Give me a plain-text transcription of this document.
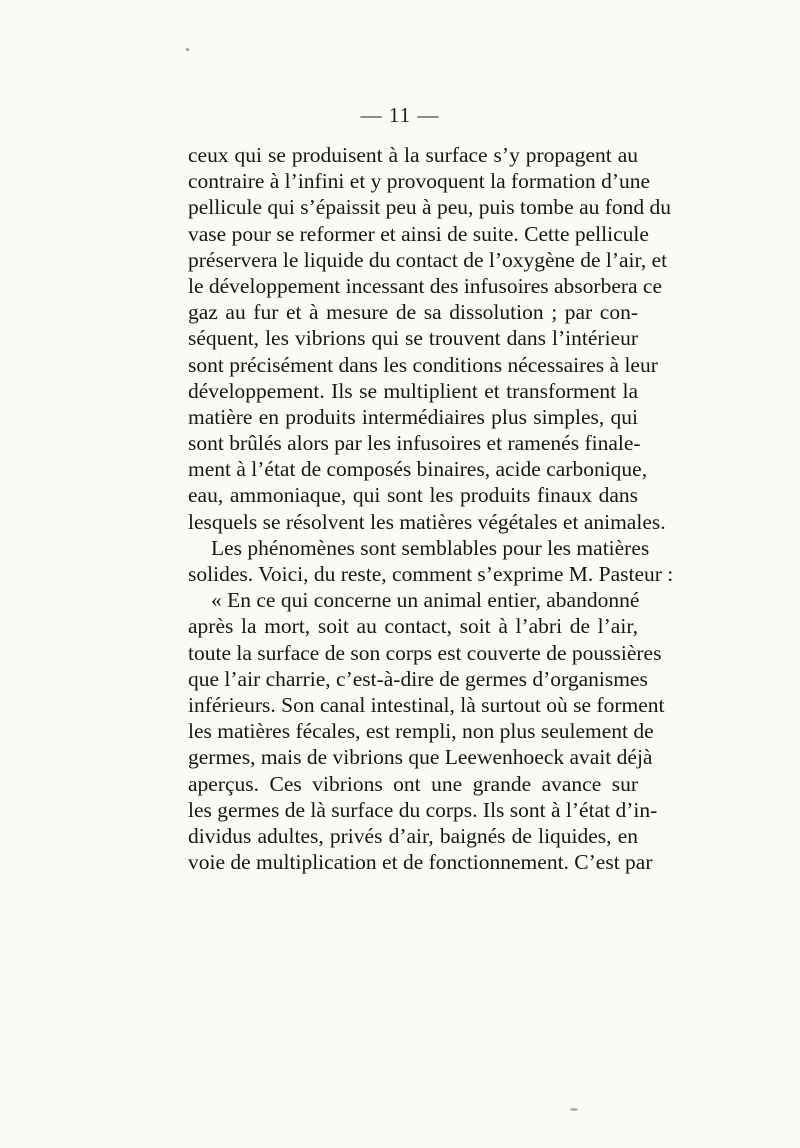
— 11 —
ceux qui se produisent à la surface s’y propagent au
contraire à l’infini et y provoquent la formation d’une
pellicule qui s’épaissit peu à peu, puis tombe au fond du
vase pour se reformer et ainsi de suite. Cette pellicule
préservera le liquide du contact de l’oxygène de l’air, et
le développement incessant des infusoires absorbera ce
gaz au fur et à mesure de sa dissolution ; par con-
séquent, les vibrions qui se trouvent dans l’intérieur
sont précisément dans les conditions nécessaires à leur
développement. Ils se multiplient et transforment la
matière en produits intermédiaires plus simples, qui
sont brûlés alors par les infusoires et ramenés finale-
ment à l’état de composés binaires, acide carbonique,
eau, ammoniaque, qui sont les produits finaux dans
lesquels se résolvent les matières végétales et animales.
Les phénomènes sont semblables pour les matières
solides. Voici, du reste, comment s’exprime M. Pasteur :
« En ce qui concerne un animal entier, abandonné
après la mort, soit au contact, soit à l’abri de l’air,
toute la surface de son corps est couverte de poussières
que l’air charrie, c’est-à-dire de germes d’organismes
inférieurs. Son canal intestinal, là surtout où se forment
les matières fécales, est rempli, non plus seulement de
germes, mais de vibrions que Leewenhoeck avait déjà
aperçus. Ces vibrions ont une grande avance sur
les germes de là surface du corps. Ils sont à l’état d’in-
dividus adultes, privés d’air, baignés de liquides, en
voie de multiplication et de fonctionnement. C’est par
